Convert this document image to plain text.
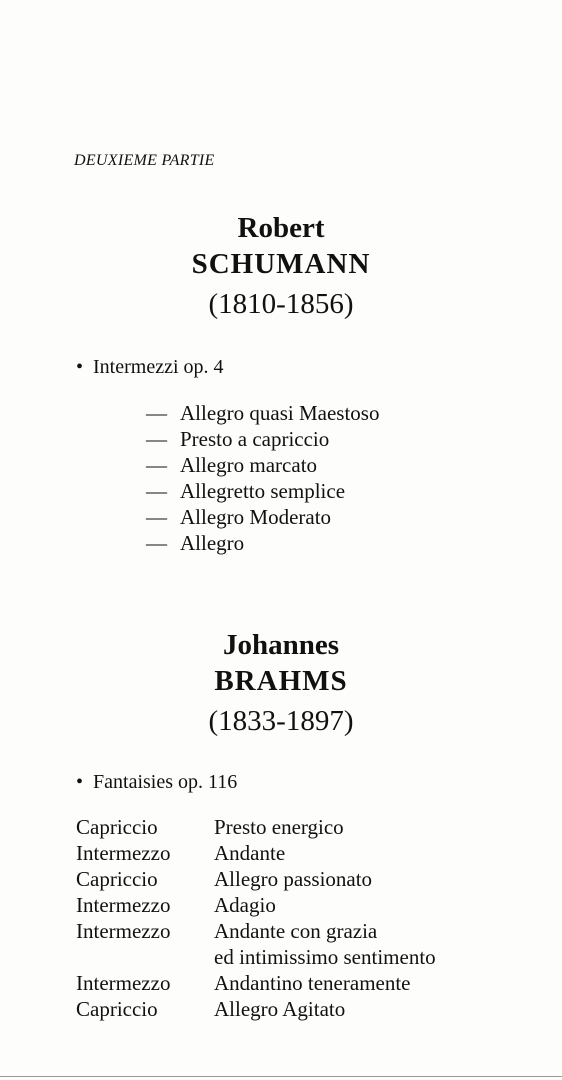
DEUXIEME PARTIE
Robert
SCHUMANN
(1810-1856)
• Intermezzi op. 4
— Allegro quasi Maestoso
— Presto a capriccio
— Allegro marcato
— Allegretto semplice
— Allegro Moderato
— Allegro
Johannes
BRAHMS
(1833-1897)
• Fantaisies op. 116
Capriccio	Presto energico
Intermezzo	Andante
Capriccio	Allegro passionato
Intermezzo	Adagio
Intermezzo	Andante con grazia
ed intimissimo sentimento
Intermezzo	Andantino teneramente
Capriccio	Allegro Agitato
